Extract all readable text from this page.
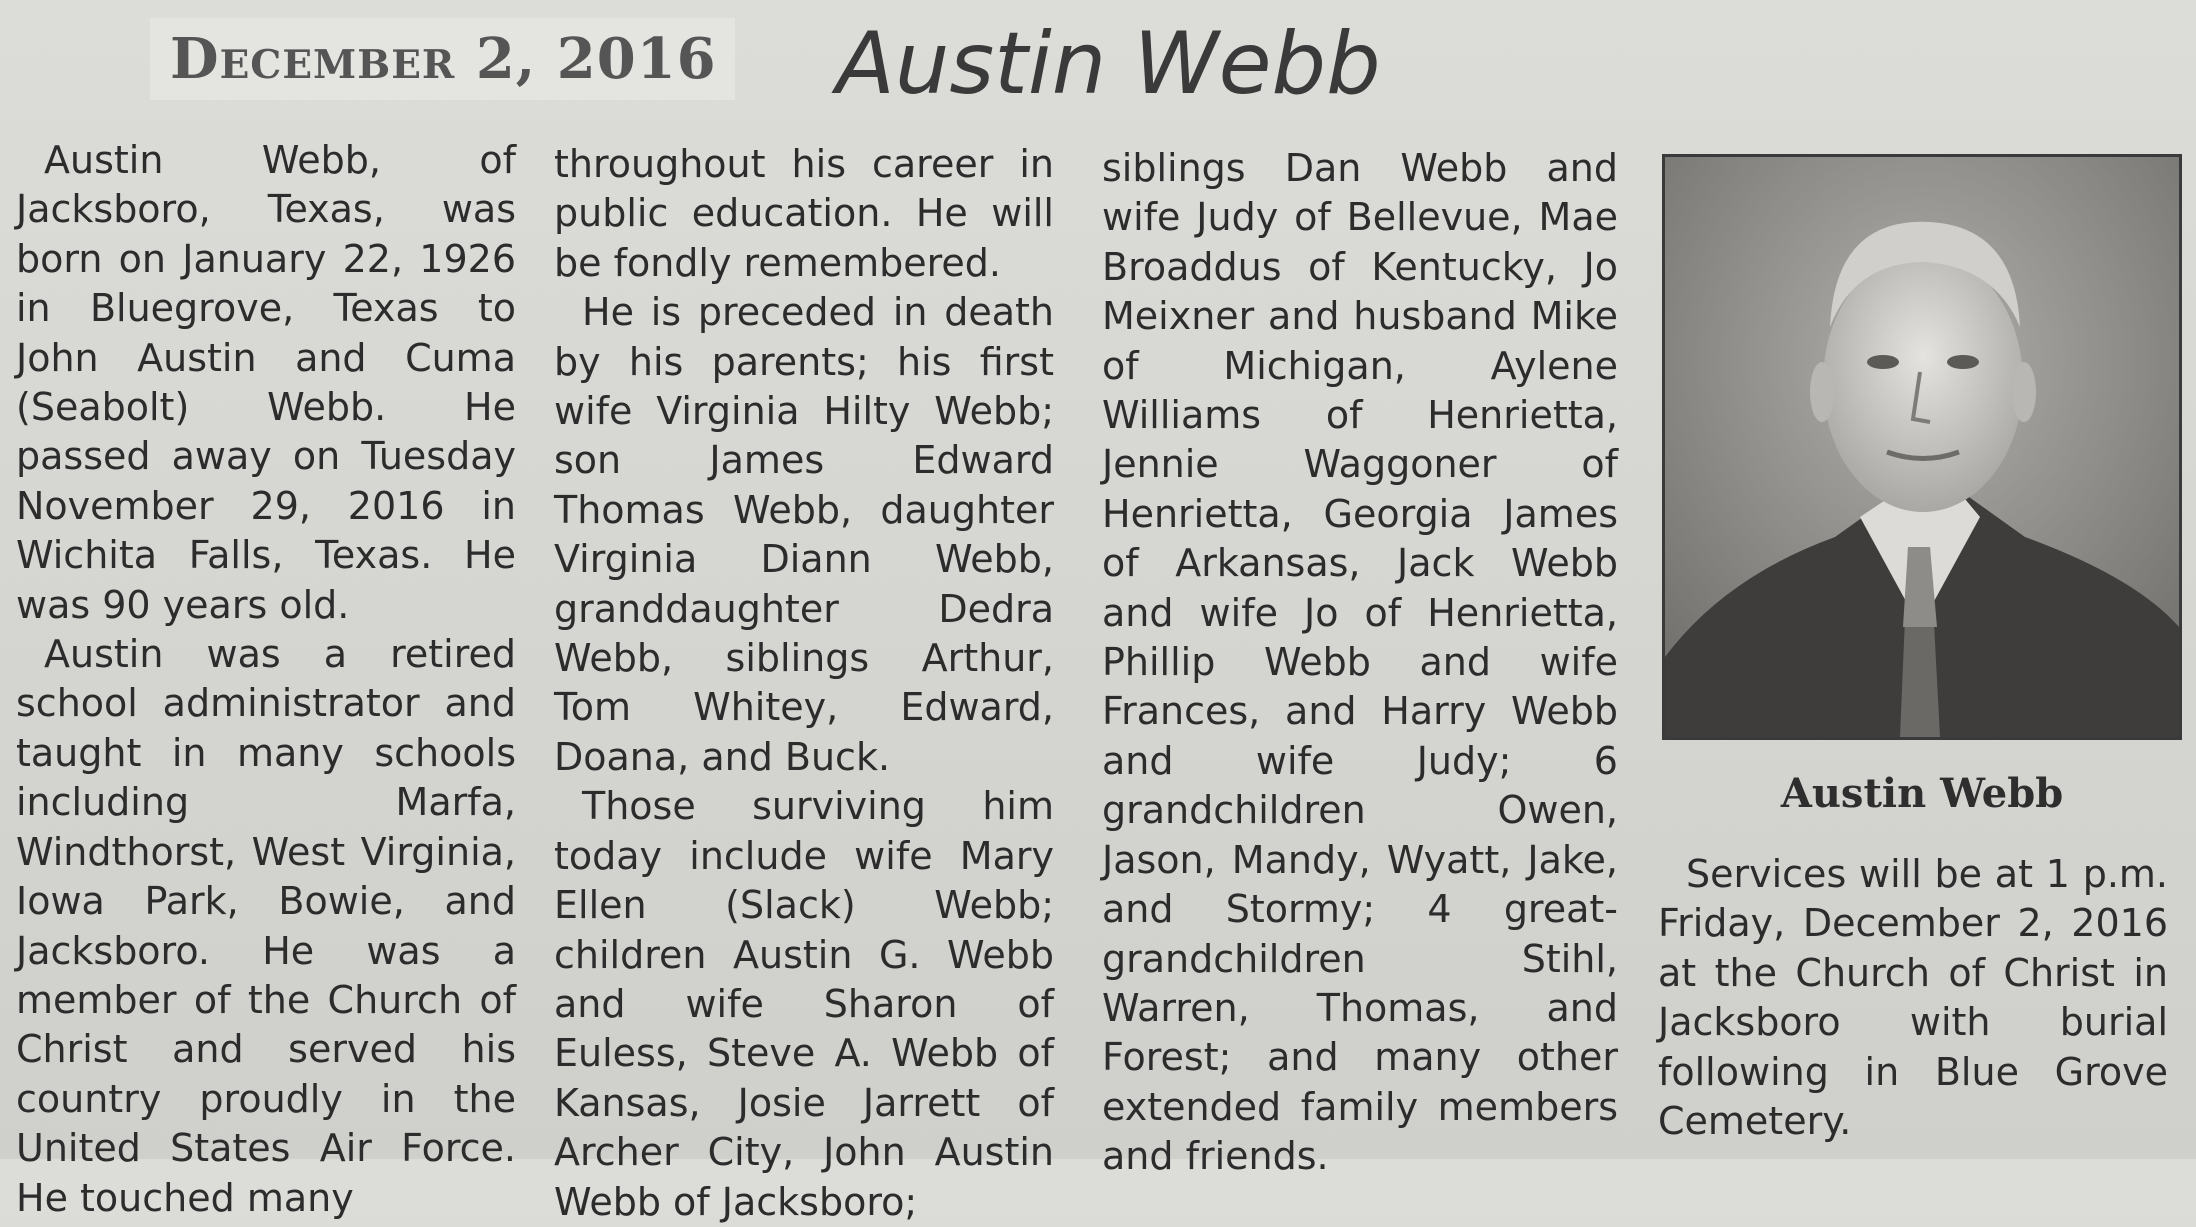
December 2, 2016 Austin Webb

Austin Webb, of Jacksboro, Texas, was born on January 22, 1926 in Bluegrove, Texas to John Austin and Cuma (Seabolt) Webb. He passed away on Tuesday November 29, 2016 in Wichita Falls, Texas. He was 90 years old.

Austin was a retired school administrator and taught in many schools including Marfa, Windthorst, West Virginia, Iowa Park, Bowie, and Jacksboro. He was a member of the Church of Christ and served his country proudly in the United States Air Force. He touched many

throughout his career in public education. He will be fondly remembered.

He is preceded in death by his parents; his first wife Virginia Hilty Webb; son James Edward Thomas Webb, daughter Virginia Diann Webb, granddaughter Dedra Webb, siblings Arthur, Tom Whitey, Edward, Doana, and Buck.

Those surviving him today include wife Mary Ellen (Slack) Webb; children Austin G. Webb and wife Sharon of Euless, Steve A. Webb of Kansas, Josie Jarrett of Archer City, John Austin Webb of Jacksboro;

siblings Dan Webb and wife Judy of Bellevue, Mae Broaddus of Kentucky, Jo Meixner and husband Mike of Michigan, Aylene Williams of Henrietta, Jennie Waggoner of Henrietta, Georgia James of Arkansas, Jack Webb and wife Jo of Henrietta, Phillip Webb and wife Frances, and Harry Webb and wife Judy; 6 grandchildren Owen, Jason, Mandy, Wyatt, Jake, and Stormy; 4 great-grandchildren Stihl, Warren, Thomas, and Forest; and many other extended family members and friends.

Austin Webb

Services will be at 1 p.m. Friday, December 2, 2016 at the Church of Christ in Jacksboro with burial following in Blue Grove Cemetery.
